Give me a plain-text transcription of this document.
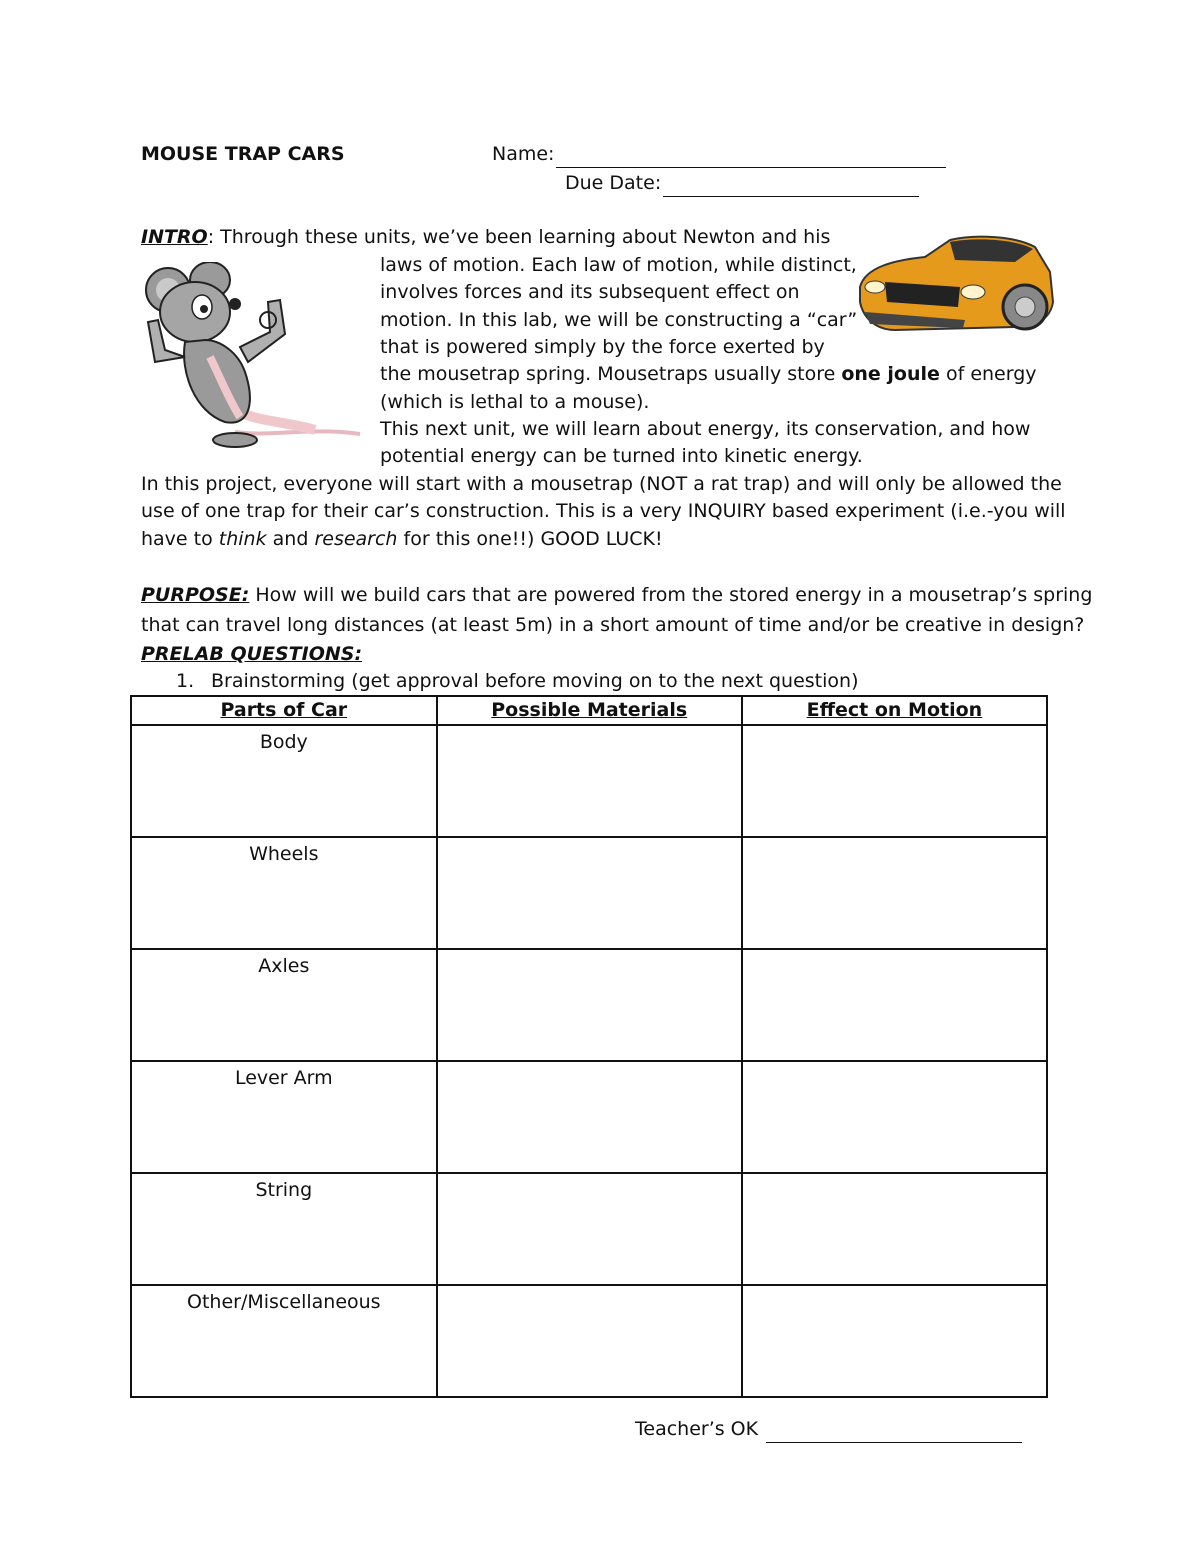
MOUSE TRAP CARS	Name:
Due Date:
INTRO: Through these units, we’ve been learning about Newton and his
laws of motion. Each law of motion, while distinct,
involves forces and its subsequent effect on
motion. In this lab, we will be constructing a “car”
that is powered simply by the force exerted by
the mousetrap spring. Mousetraps usually store one joule of energy
(which is lethal to a mouse).
This next unit, we will learn about energy, its conservation, and how
potential energy can be turned into kinetic energy.
In this project, everyone will start with a mousetrap (NOT a rat trap) and will only be allowed the
use of one trap for their car’s construction. This is a very INQUIRY based experiment (i.e.-you will
have to think and research for this one!!) GOOD LUCK!
PURPOSE: How will we build cars that are powered from the stored energy in a mousetrap’s spring
that can travel long distances (at least 5m) in a short amount of time and/or be creative in design?
PRELAB QUESTIONS:
1. Brainstorming (get approval before moving on to the next question)
Parts of Car	Possible Materials	Effect on Motion
Body		
Wheels		
Axles		
Lever Arm		
String		
Other/Miscellaneous		
Teacher’s OK
